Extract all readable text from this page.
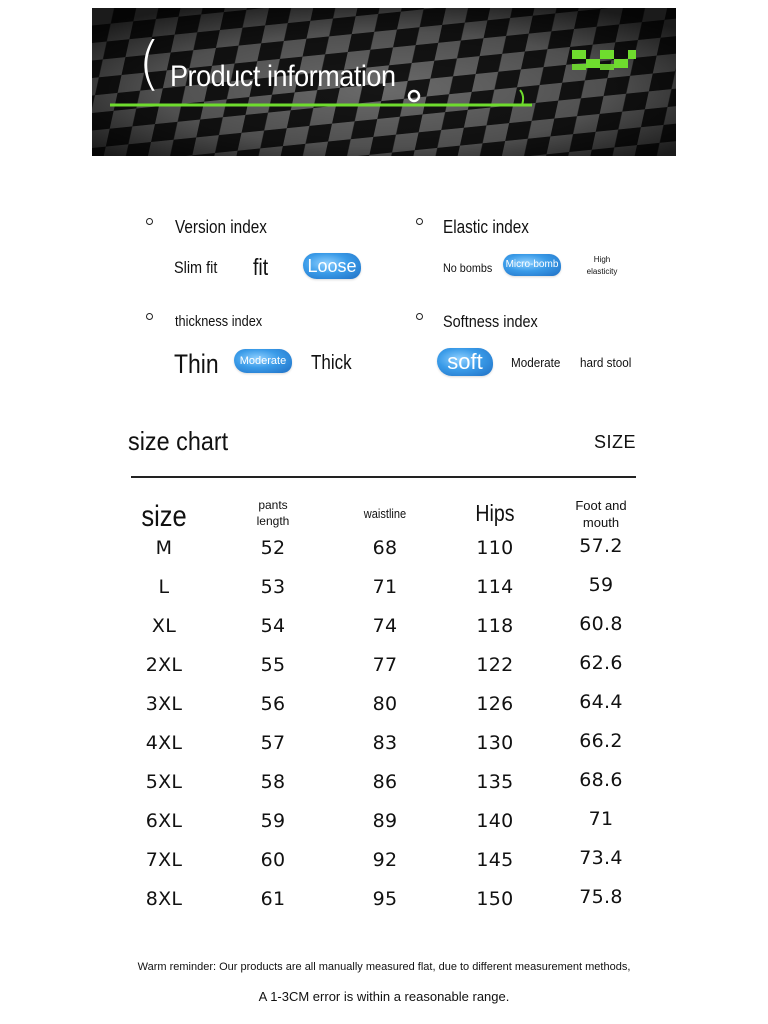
( Product information
Version index
Slim fit fit Loose
Elastic index
No bombs Micro-bomb	High elasticity
thickness index
Thin	Moderate Thick
Softness index
soft	Moderate hard stool
size chart	SIZE
size	pants length	waistline	Hips	Foot and mouth
M	52	68	110	57.2
L	53	71	114	59
XL	54	74	118	60.8
2XL	55	77	122	62.6
3XL	56	80	126	64.4
4XL	57	83	130	66.2
5XL	58	86	135	68.6
6XL	59	89	140	71
7XL	60	92	145	73.4
8XL	61	95	150	75.8
Warm reminder: Our products are all manually measured flat, due to different measurement methods,
A 1-3CM error is within a reasonable range.
